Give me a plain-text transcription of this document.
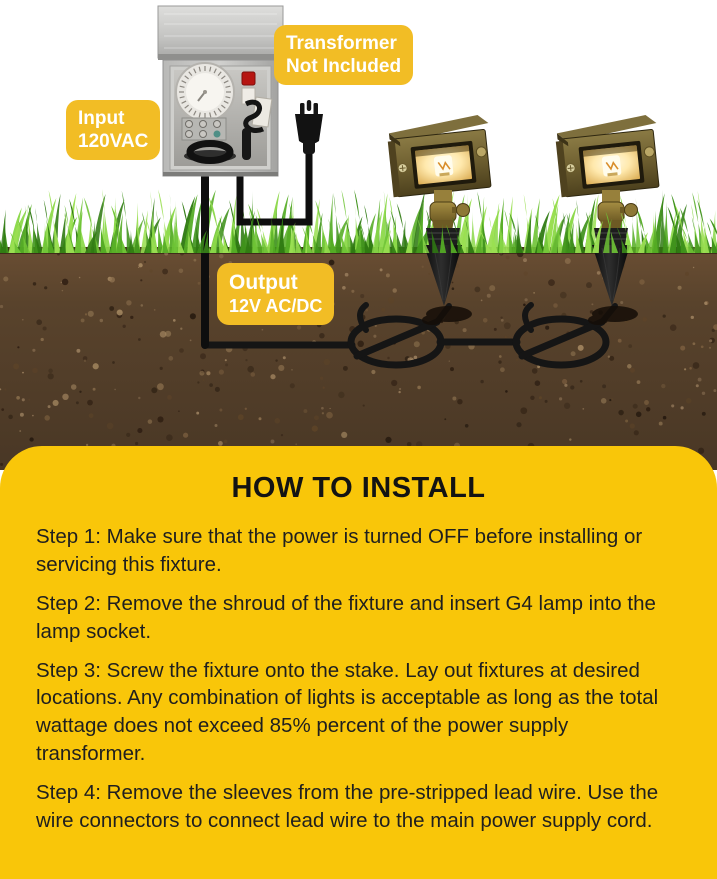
Input
120VAC
Transformer
Not Included
Output
12V AC/DC
HOW TO INSTALL

Step 1: Make sure that the power is turned OFF before installing or servicing this fixture.

Step 2: Remove the shroud of the fixture and insert G4 lamp into the lamp socket.

Step 3: Screw the fixture onto the stake. Lay out fixtures at desired locations. Any combination of lights is acceptable as long as the total wattage does not exceed 85% percent of the power supply transformer.

Step 4: Remove the sleeves from the pre-stripped lead wire. Use the wire connectors to connect lead wire to the main power supply cord.
